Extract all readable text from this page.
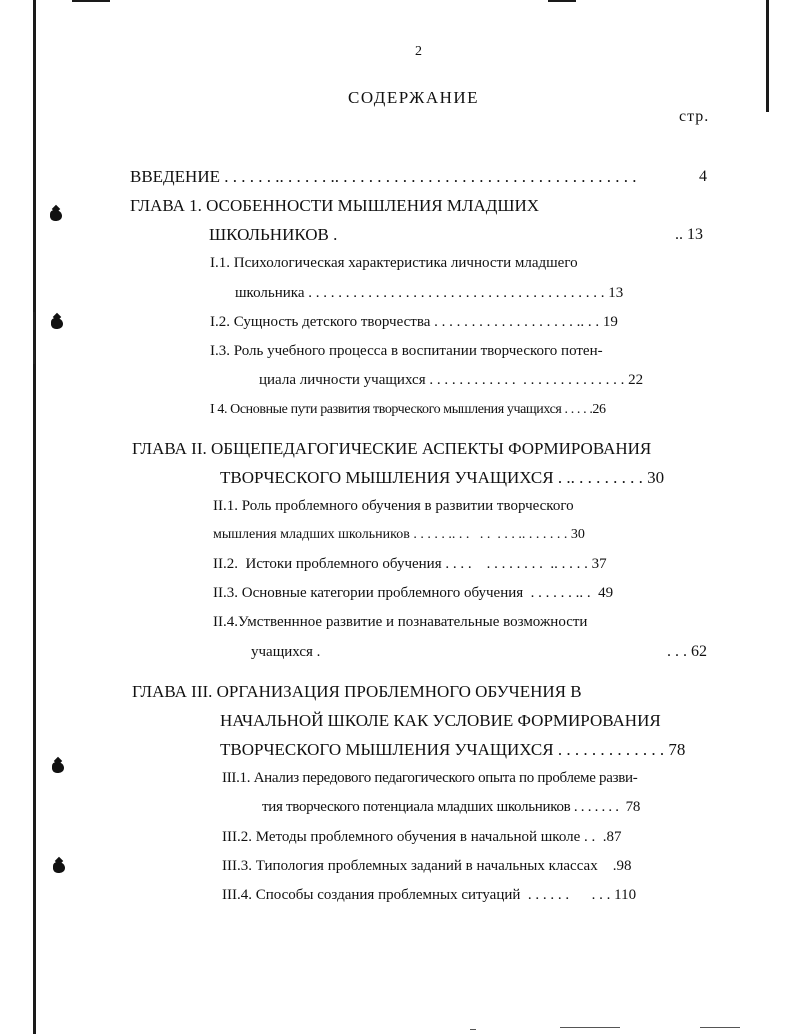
2
СОДЕРЖАНИЕ
стр.
ВВЕДЕНИЕ . . . . . . .. . . . . . .. . . . . . . . . . . . . . . . . . . . . . . . . . . . . . . . . . . .	4
ГЛАВА 1. ОСОБЕННОСТИ МЫШЛЕНИЯ МЛАДШИХ
ШКОЛЬНИКОВ .	.. 13
I.1. Психологическая характеристика личности младшего
школьника . . . . . . . . . . . . . . . . . . . . . . . . . . . . . . . . . . . . . . . . 13
I.2. Сущность детского творчества . . . . . . . . . . . . . . . . . . . .. . . 19
I.3. Роль учебного процесса в воспитании творческого потен-
циала личности учащихся . . . . . . . . . . . .  . . . . . . . . . . . . . . 22
I 4. Основные пути развития творческого мышления учащихся . . . . .26
ГЛАВА II. ОБЩЕПЕДАГОГИЧЕСКИЕ АСПЕКТЫ ФОРМИРОВАНИЯ
ТВОРЧЕСКОГО МЫШЛЕНИЯ УЧАЩИХСЯ . .. . . . . . . . . 30
II.1. Роль проблемного обучения в развитии творческого
мышления младших школьников . . . . . .. . .   . .  . . . .. . . . . . . 30
II.2.  Истоки проблемного обучения . . . .    . . . . . . . .  .. . . . . 37
II.3. Основные категории проблемного обучения  . . . . . . .. .  49
II.4.Умственнное развитие и познавательные возможности
учащихся .	. . . 62
ГЛАВА III. ОРГАНИЗАЦИЯ ПРОБЛЕМНОГО ОБУЧЕНИЯ В
НАЧАЛЬНОЙ ШКОЛЕ КАК УСЛОВИЕ ФОРМИРОВАНИЯ
ТВОРЧЕСКОГО МЫШЛЕНИЯ УЧАЩИХСЯ . . . . . . . . . . . . . 78
III.1. Анализ передового педагогического опыта по проблеме разви-
тия творческого потенциала младших школьников . . . . . . .  78
III.2. Методы проблемного обучения в начальной школе . .  .87
III.3. Типология проблемных заданий в начальных классах    .98
III.4. Способы создания проблемных ситуаций  . . . . . .      . . . 110
